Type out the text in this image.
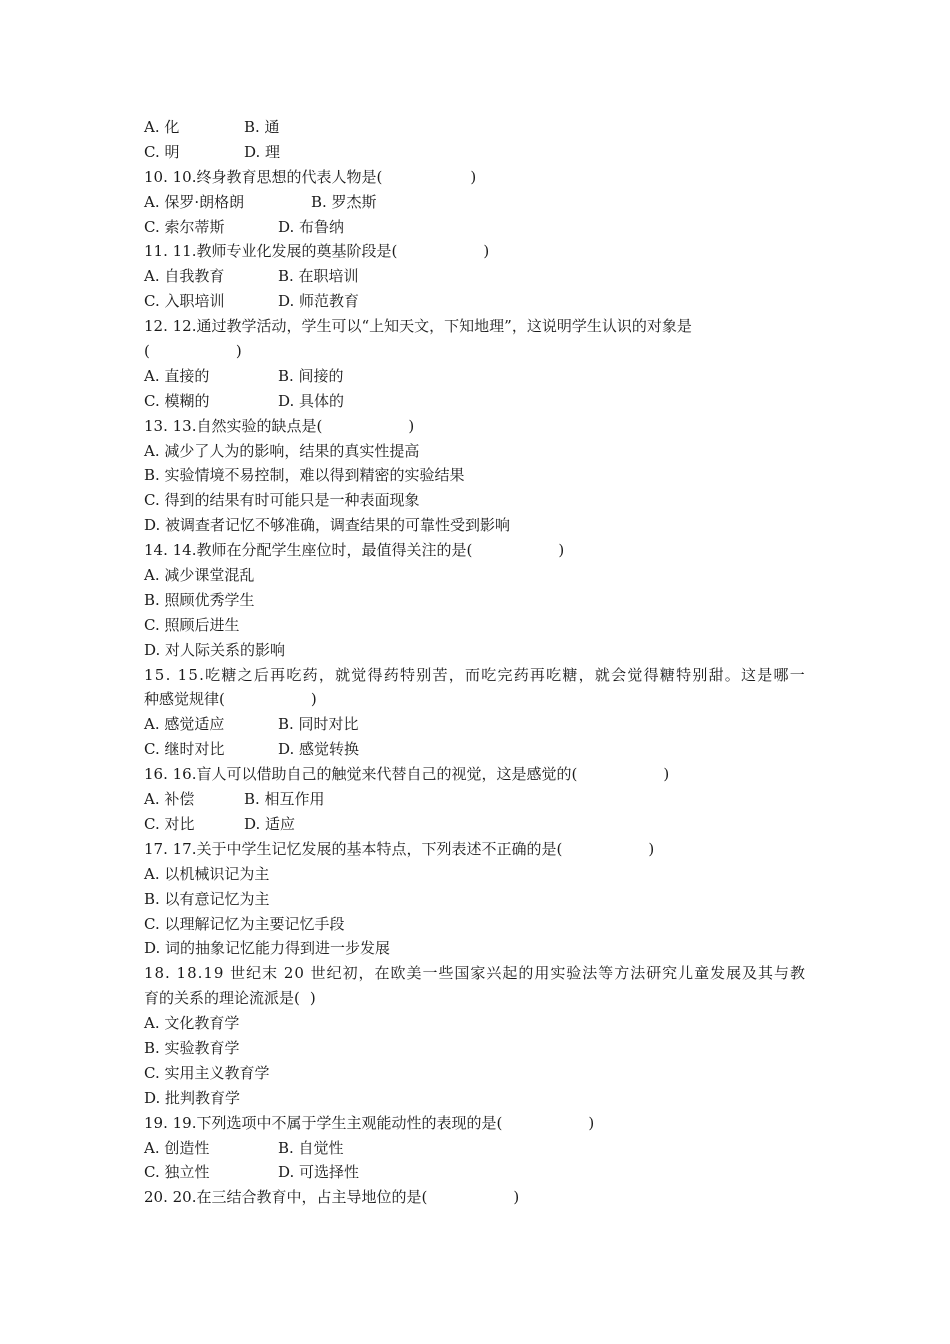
A. 化	B. 通
C. 明	D. 理
10. 10.终身教育思想的代表人物是(	)
A. 保罗·朗格朗	B. 罗杰斯
C. 索尔蒂斯	D. 布鲁纳
11. 11.教师专业化发展的奠基阶段是(	)
A. 自我教育	B. 在职培训
C. 入职培训	D. 师范教育
12. 12.通过教学活动，学生可以“上知天文，下知地理”，这说明学生认识的对象是
(	)
A. 直接的	B. 间接的
C. 模糊的	D. 具体的
13. 13.自然实验的缺点是(	)
A. 减少了人为的影响，结果的真实性提高
B. 实验情境不易控制，难以得到精密的实验结果
C. 得到的结果有时可能只是一种表面现象
D. 被调查者记忆不够准确，调查结果的可靠性受到影响
14. 14.教师在分配学生座位时，最值得关注的是(	)
A. 减少课堂混乱
B. 照顾优秀学生
C. 照顾后进生
D. 对人际关系的影响
15. 15.吃糖之后再吃药，就觉得药特别苦，而吃完药再吃糖，就会觉得糖特别甜。这是哪一
种感觉规律(	)
A. 感觉适应	B. 同时对比
C. 继时对比	D. 感觉转换
16. 16.盲人可以借助自己的触觉来代替自己的视觉，这是感觉的(	)
A. 补偿	B. 相互作用
C. 对比	D. 适应
17. 17.关于中学生记忆发展的基本特点，下列表述不正确的是(	)
A. 以机械识记为主
B. 以有意记忆为主
C. 以理解记忆为主要记忆手段
D. 词的抽象记忆能力得到进一步发展
18. 18.19 世纪末 20 世纪初，在欧美一些国家兴起的用实验法等方法研究儿童发展及其与教
育的关系的理论流派是( )
A. 文化教育学
B. 实验教育学
C. 实用主义教育学
D. 批判教育学
19. 19.下列选项中不属于学生主观能动性的表现的是(	)
A. 创造性	B. 自觉性
C. 独立性	D. 可选择性
20. 20.在三结合教育中，占主导地位的是(	)
